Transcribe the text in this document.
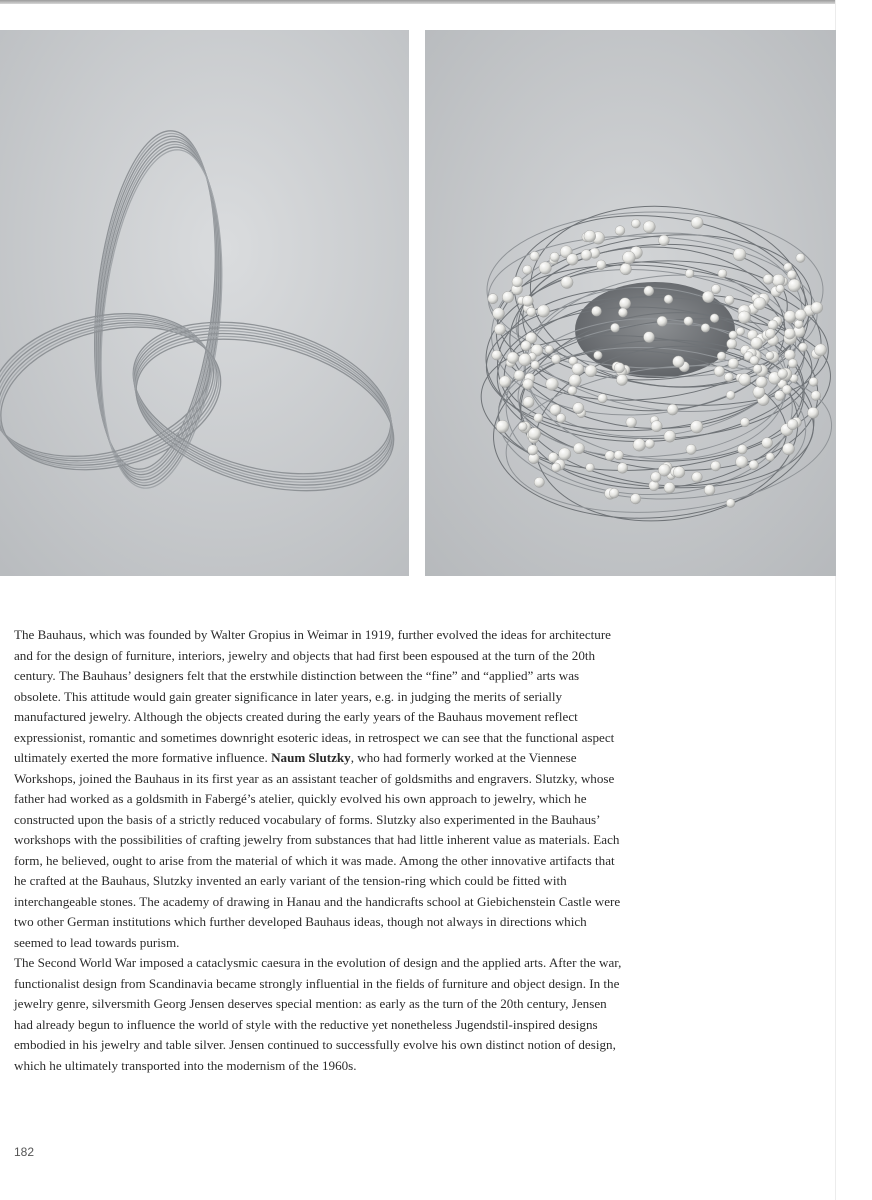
The Bauhaus, which was founded by Walter Gropius in Weimar in 1919, further evolved the ideas for architecture and for the design of furniture, interiors, jewelry and objects that had first been espoused at the turn of the 20th century. The Bauhaus’ designers felt that the erstwhile distinction between the “fine” and “applied” arts was obsolete. This attitude would gain greater significance in later years, e.g. in judging the merits of serially manufactured jewelry. Although the objects created during the early years of the Bauhaus movement reflect expressionist, romantic and sometimes downright esoteric ideas, in retrospect we can see that the functional aspect ultimately exerted the more formative influence. Naum Slutzky, who had formerly worked at the Viennese Workshops, joined the Bauhaus in its first year as an assistant teacher of goldsmiths and engravers. Slutzky, whose father had worked as a goldsmith in Fabergé’s atelier, quickly evolved his own approach to jewelry, which he constructed upon the basis of a strictly reduced vocabulary of forms. Slutzky also experimented in the Bauhaus’ workshops with the possibilities of crafting jewelry from substances that had little inherent value as materials. Each form, he believed, ought to arise from the material of which it was made. Among the other innovative artifacts that he crafted at the Bauhaus, Slutzky invented an early variant of the tension-ring which could be fitted with interchangeable stones. The academy of drawing in Hanau and the handicrafts school at Giebichenstein Castle were two other German institutions which further developed Bauhaus ideas, though not always in directions which seemed to lead towards purism.

The Second World War imposed a cataclysmic caesura in the evolution of design and the applied arts. After the war, functionalist design from Scandinavia became strongly influential in the fields of furniture and object design. In the jewelry genre, silversmith Georg Jensen deserves special mention: as early as the turn of the 20th century, Jensen had already begun to influence the world of style with the reductive yet nonetheless Jugendstil-inspired designs embodied in his jewelry and table silver. Jensen continued to successfully evolve his own distinct notion of design, which he ultimately transported into the modernism of the 1960s.

182
